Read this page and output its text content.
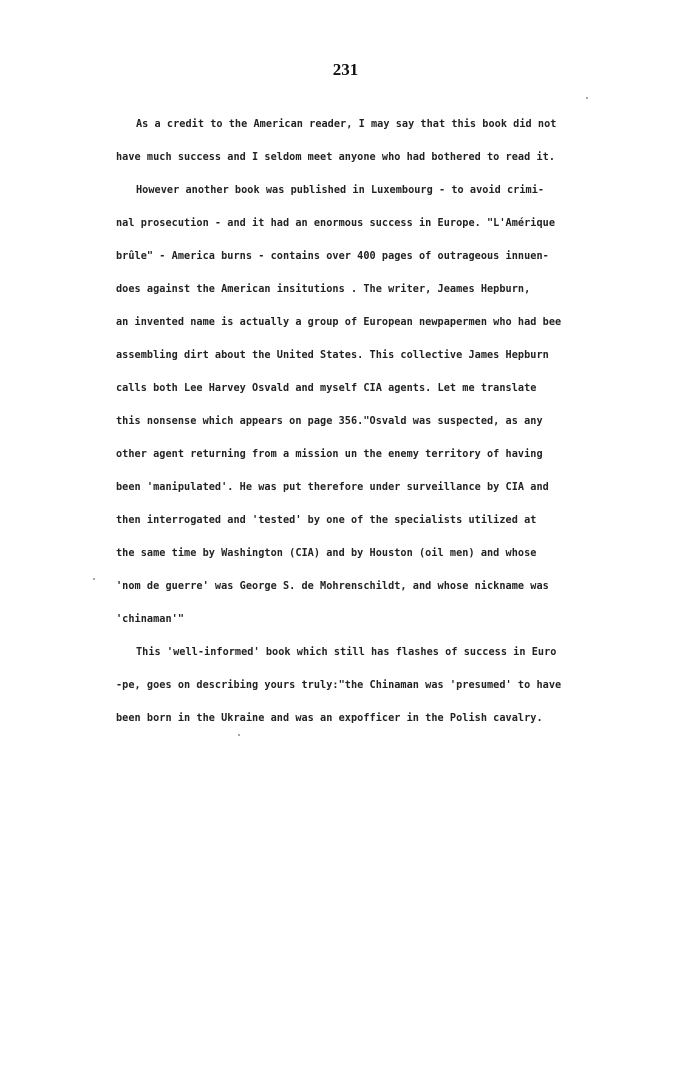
231

As a credit to the American reader, I may say that this book did not

have much success and I seldom meet anyone who had bothered to read it.

However another book was published in Luxembourg - to avoid crimi-

nal prosecution - and it had an enormous success in Europe. "L'Amérique

brûle" - America burns - contains over 400 pages of outrageous innuen-

does against the American insitutions . The writer, Jeames Hepburn,

an invented name is actually a group of European newpapermen who had bee

assembling dirt about the United States. This collective James Hepburn

calls both Lee Harvey Osvald and myself CIA agents. Let me translate

this nonsense which appears on page 356."Osvald was suspected, as any

other agent returning from a mission un the enemy territory of having

been 'manipulated'. He was put therefore under surveillance by CIA and

then interrogated and 'tested' by one of the specialists utilized at

the same time by Washington (CIA) and by Houston (oil men) and whose

'nom de guerre' was George S. de Mohrenschildt, and whose nickname was

'chinaman'"

This 'well-informed' book which still has flashes of success in Euro

-pe, goes on describing yours truly:"the Chinaman was 'presumed' to have

been born in the Ukraine and was an expofficer in the Polish cavalry.
